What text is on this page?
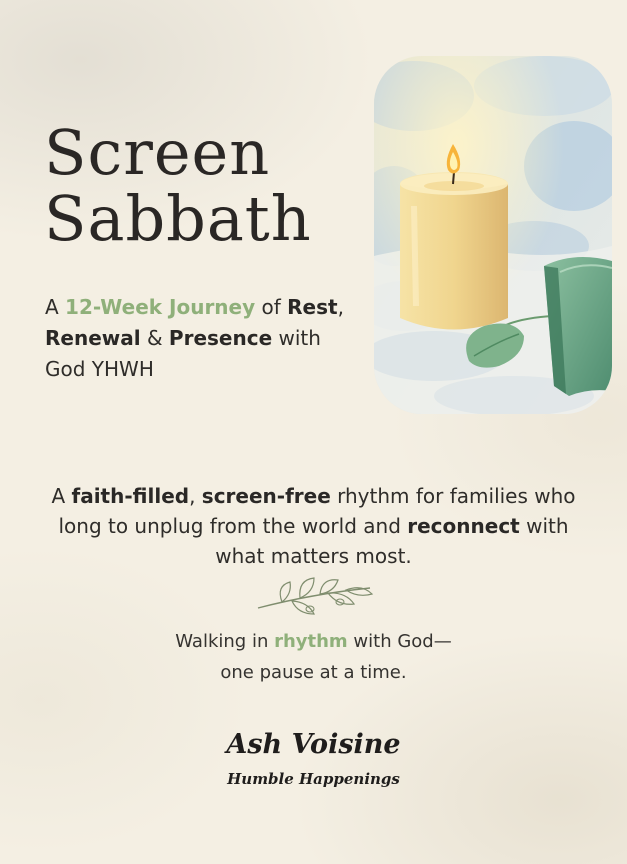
Screen
Sabbath
A 12-Week Journey of Rest,
Renewal & Presence with
God YHWH
A faith-filled, screen-free rhythm for families who long to unplug from the world and reconnect with what matters most.
Walking in rhythm with God—
one pause at a time.
Ash Voisine
Humble Happenings
